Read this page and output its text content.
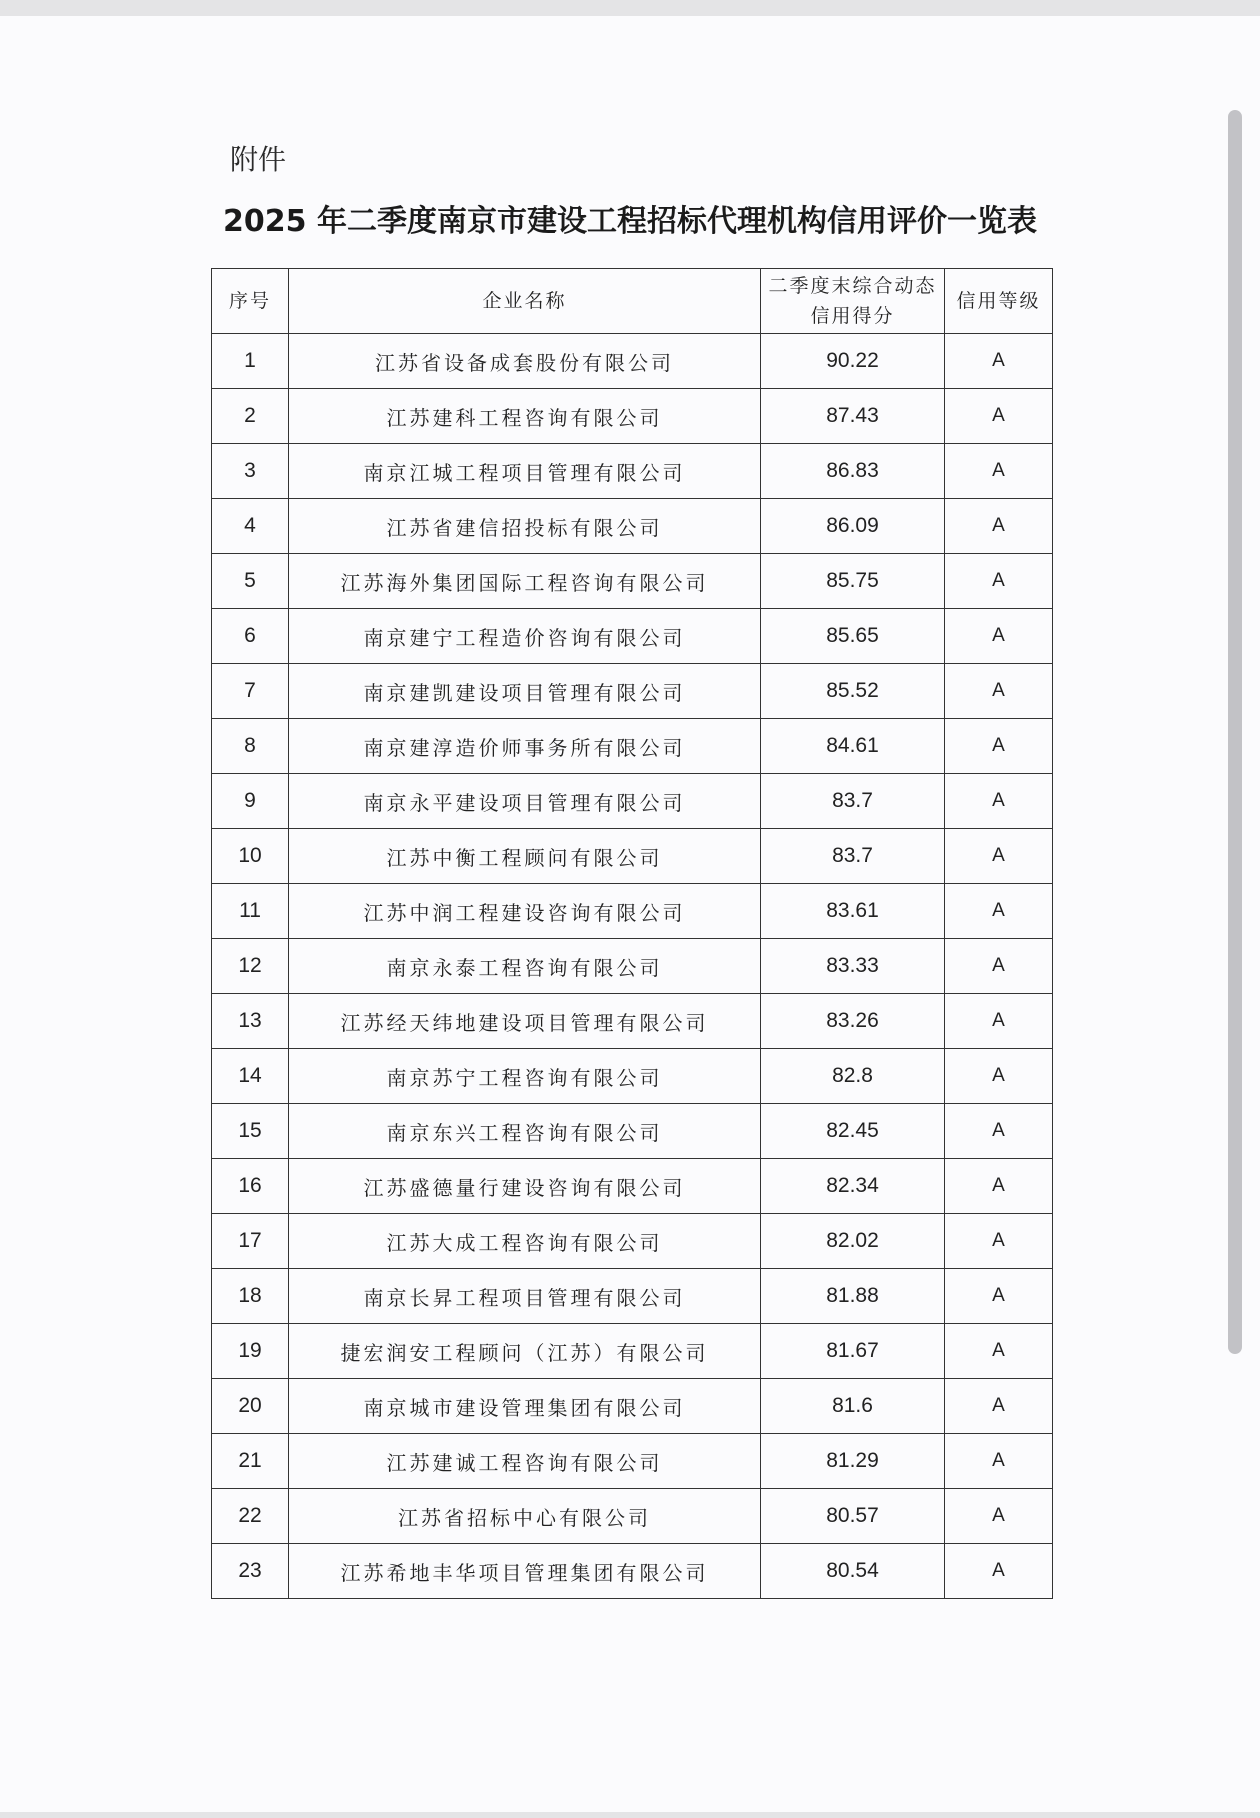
附件

2025 年二季度南京市建设工程招标代理机构信用评价一览表
序号	企业名称	二季度末综合动态信用得分	信用等级
1	江苏省设备成套股份有限公司	90.22	A
2	江苏建科工程咨询有限公司	87.43	A
3	南京江城工程项目管理有限公司	86.83	A
4	江苏省建信招投标有限公司	86.09	A
5	江苏海外集团国际工程咨询有限公司	85.75	A
6	南京建宁工程造价咨询有限公司	85.65	A
7	南京建凯建设项目管理有限公司	85.52	A
8	南京建淳造价师事务所有限公司	84.61	A
9	南京永平建设项目管理有限公司	83.7	A
10	江苏中衡工程顾问有限公司	83.7	A
11	江苏中润工程建设咨询有限公司	83.61	A
12	南京永泰工程咨询有限公司	83.33	A
13	江苏经天纬地建设项目管理有限公司	83.26	A
14	南京苏宁工程咨询有限公司	82.8	A
15	南京东兴工程咨询有限公司	82.45	A
16	江苏盛德量行建设咨询有限公司	82.34	A
17	江苏大成工程咨询有限公司	82.02	A
18	南京长昇工程项目管理有限公司	81.88	A
19	捷宏润安工程顾问（江苏）有限公司	81.67	A
20	南京城市建设管理集团有限公司	81.6	A
21	江苏建诚工程咨询有限公司	81.29	A
22	江苏省招标中心有限公司	80.57	A
23	江苏希地丰华项目管理集团有限公司	80.54	A
